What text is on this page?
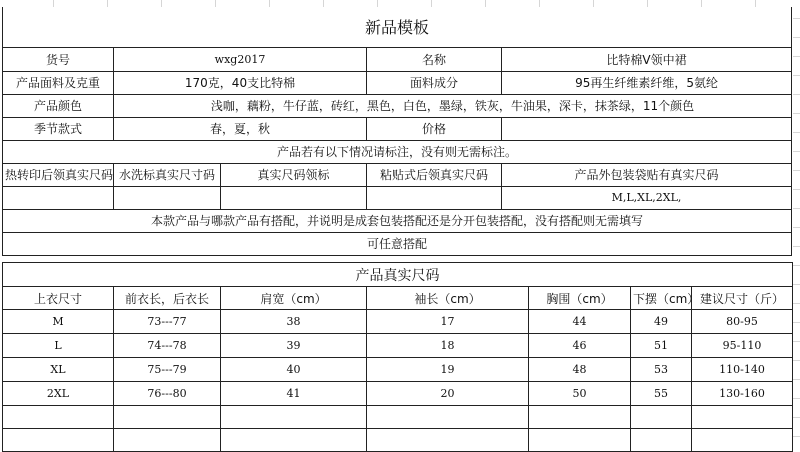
新品模板				
货号	wxg2017		名称	比特棉V领中裙
产品面料及克重	170克，40支比特棉		面料成分	95再生纤维素纤维，5氨纶
产品颜色	浅咖，藕粉，牛仔蓝，砖红，黑色，白色，墨绿，铁灰，牛油果，深卡，抹茶绿，11个颜色			
季节款式	春，夏，秋		价格	
产品若有以下情况请标注，没有则无需标注。				
热转印后领真实尺码	水洗标真实尺寸码	真实尺码领标	粘贴式后领真实尺码	产品外包装袋贴有真实尺码
				M,L,XL,2XL,
本款产品与哪款产品有搭配，并说明是成套包装搭配还是分开包装搭配，没有搭配则无需填写				
可任意搭配				
产品真实尺码						
上衣尺寸	前衣长，后衣长	肩宽（cm）	袖长（cm）	胸围（cm）	下摆（cm）	建议尺寸（斤）
M	73---77	38	17	44	49	80-95
L	74---78	39	18	46	51	95-110
XL	75---79	40	19	48	53	110-140
2XL	76---80	41	20	50	55	130-160
